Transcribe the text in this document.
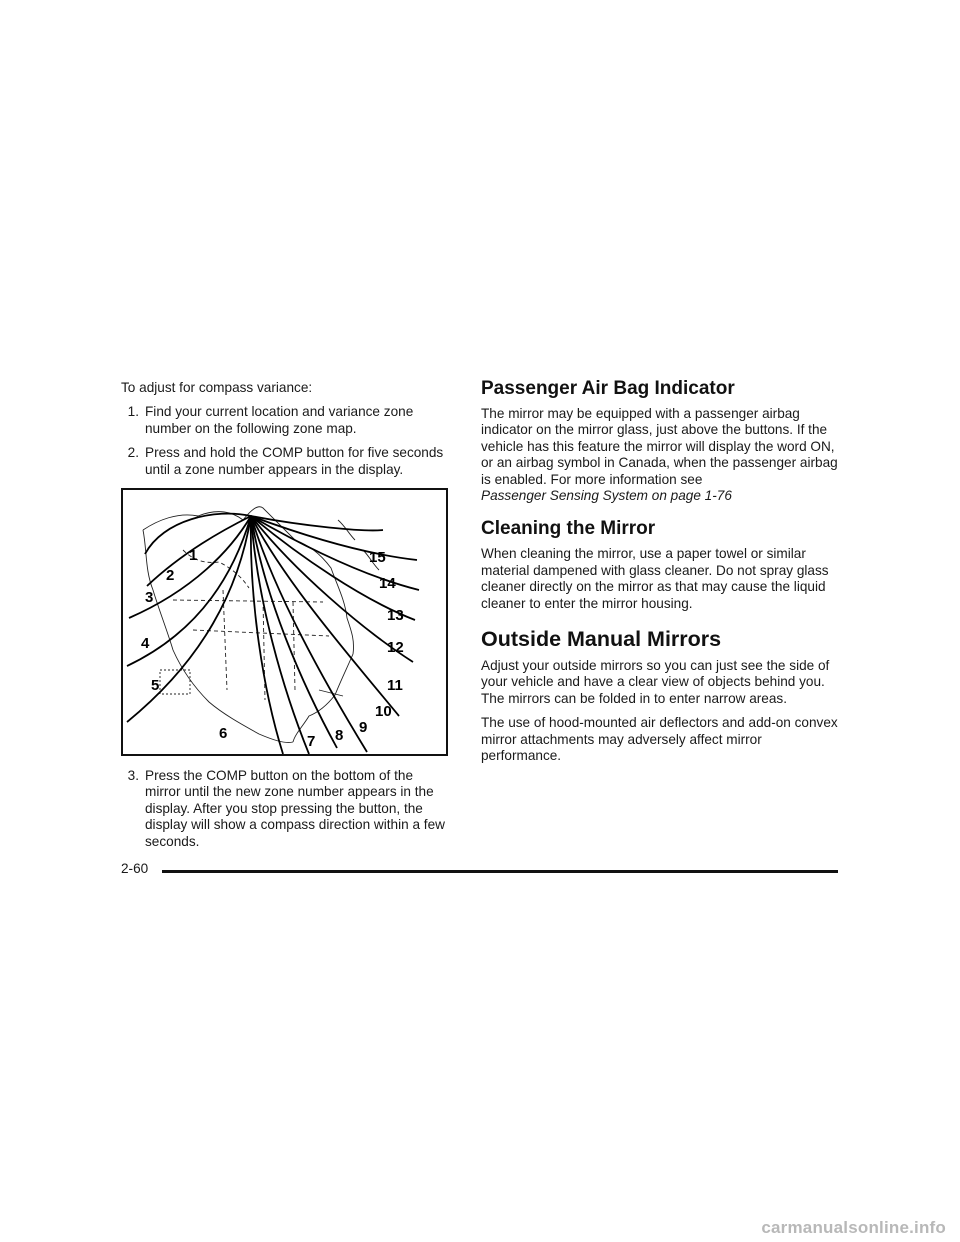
To adjust for compass variance:

1. Find your current location and variance zone number on the following zone map.
2. Press and hold the COMP button for five seconds until a zone number appears in the display.
1
2
3
4
5
6	7 8 9
10
11
12
13
14
15
3. Press the COMP button on the bottom of the mirror until the new zone number appears in the display. After you stop pressing the button, the display will show a compass direction within a few seconds.
Passenger Air Bag Indicator

The mirror may be equipped with a passenger airbag indicator on the mirror glass, just above the buttons. If the vehicle has this feature the mirror will display the word ON, or an airbag symbol in Canada, when the passenger airbag is enabled. For more information see
Passenger Sensing System on page 1-76

Cleaning the Mirror

When cleaning the mirror, use a paper towel or similar material dampened with glass cleaner. Do not spray glass cleaner directly on the mirror as that may cause the liquid cleaner to enter the mirror housing.

Outside Manual Mirrors

Adjust your outside mirrors so you can just see the side of your vehicle and have a clear view of objects behind you. The mirrors can be folded in to enter narrow areas.

The use of hood-mounted air deflectors and add-on convex mirror attachments may adversely affect mirror performance.

2-60
carmanualsonline.info
